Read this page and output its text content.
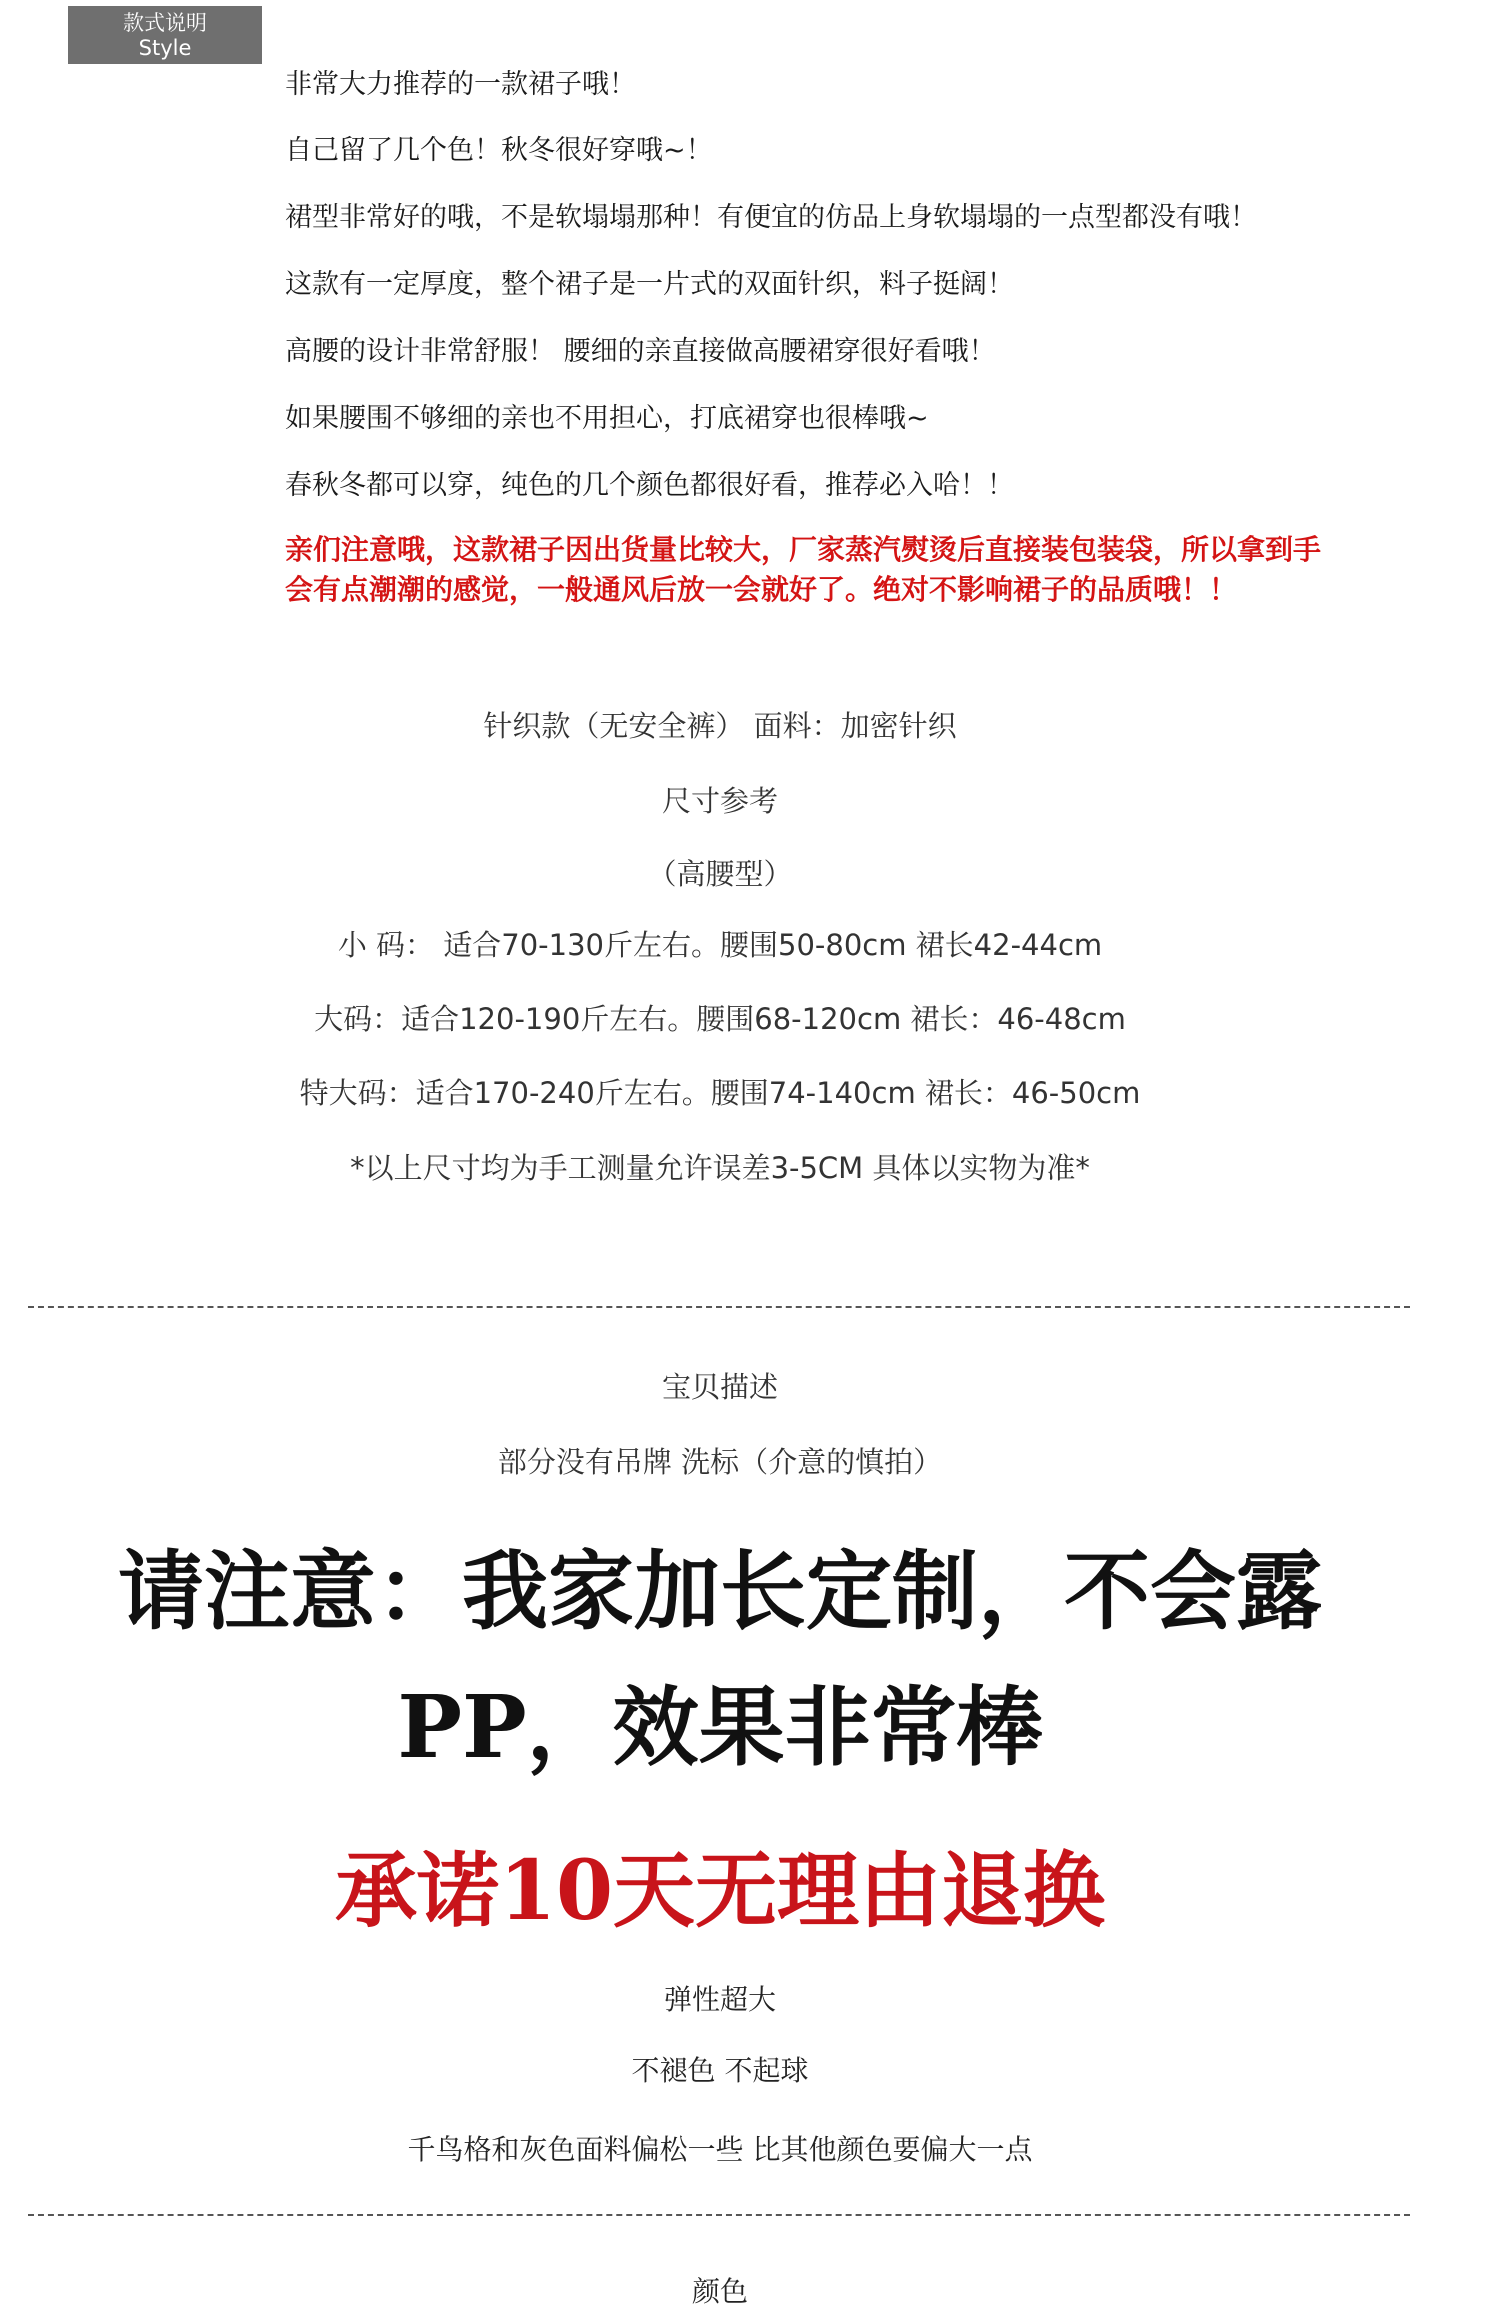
款式说明
Style
非常大力推荐的一款裙子哦！
自己留了几个色！秋冬很好穿哦~！
裙型非常好的哦，不是软塌塌那种！有便宜的仿品上身软塌塌的一点型都没有哦！
这款有一定厚度，整个裙子是一片式的双面针织，料子挺阔！
高腰的设计非常舒服！ 腰细的亲直接做高腰裙穿很好看哦！
如果腰围不够细的亲也不用担心，打底裙穿也很棒哦~
春秋冬都可以穿，纯色的几个颜色都很好看，推荐必入哈！！
亲们注意哦，这款裙子因出货量比较大，厂家蒸汽熨烫后直接装包装袋，所以拿到手
会有点潮潮的感觉，一般通风后放一会就好了。绝对不影响裙子的品质哦！！
针织款（无安全裤） 面料：加密针织
尺寸参考
（高腰型）
小 码： 适合70-130斤左右。腰围50-80cm 裙长42-44cm
大码：适合120-190斤左右。腰围68-120cm 裙长：46-48cm
特大码：适合170-240斤左右。腰围74-140cm 裙长：46-50cm
*以上尺寸均为手工测量允许误差3-5CM 具体以实物为准*
宝贝描述
部分没有吊牌 洗标（介意的慎拍）
请注意：我家加长定制，不会露
PP，效果非常棒
承诺10天无理由退换
弹性超大
不褪色 不起球
千鸟格和灰色面料偏松一些 比其他颜色要偏大一点
颜色
